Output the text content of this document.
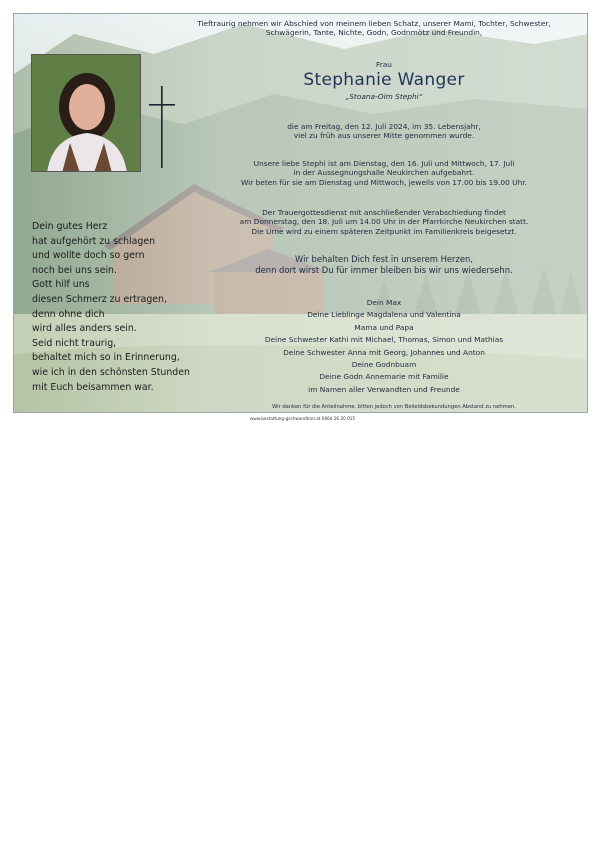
Tieftraurig nehmen wir Abschied von meinem lieben Schatz, unserer Mami, Tochter, Schwester,
Schwägerin, Tante, Nichte, Godn, Godnmötz und Freundin,
Frau
Stephanie Wanger
„Stoana-Oim Stephi“
die am Freitag, den 12. Juli 2024, im 35. Lebensjahr,
viel zu früh aus unserer Mitte genommen wurde.
Unsere liebe Stephi ist am Dienstag, den 16. Juli und Mittwoch, 17. Juli
in der Aussegnungshalle Neukirchen aufgebahrt.
Wir beten für sie am Dienstag und Mittwoch, jeweils von 17.00 bis 19.00 Uhr.
Der Trauergottesdienst mit anschließender Verabschiedung findet
am Donnerstag, den 18. Juli um 14.00 Uhr in der Pfarrkirche Neukirchen statt.
Die Urne wird zu einem späteren Zeitpunkt im Familienkreis beigesetzt.
Wir behalten Dich fest in unserem Herzen,
denn dort wirst Du für immer bleiben bis wir uns wiedersehn.
Dein Max
Deine Lieblinge Magdalena und Valentina
Mama und Papa
Deine Schwester Kathi mit Michael, Thomas, Simon und Mathias
Deine Schwester Anna mit Georg, Johannes und Anton
Deine Godnbuam
Deine Godn Annemarie mit Familie
im Namen aller Verwandten und Freunde
Dein gutes Herz
hat aufgehört zu schlagen
und wollte doch so gern
noch bei uns sein.
Gott hilf uns
diesen Schmerz zu ertragen,
denn ohne dich
wird alles anders sein.
Seid nicht traurig,
behaltet mich so in Erinnerung,
wie ich in den schönsten Stunden
mit Euch beisammen war.
Wir danken für die Anteilnahme, bitten jedoch von Beileidsbekundungen Abstand zu nehmen.
www.bestattung-gschwandtner.at 0664 26 20 015
